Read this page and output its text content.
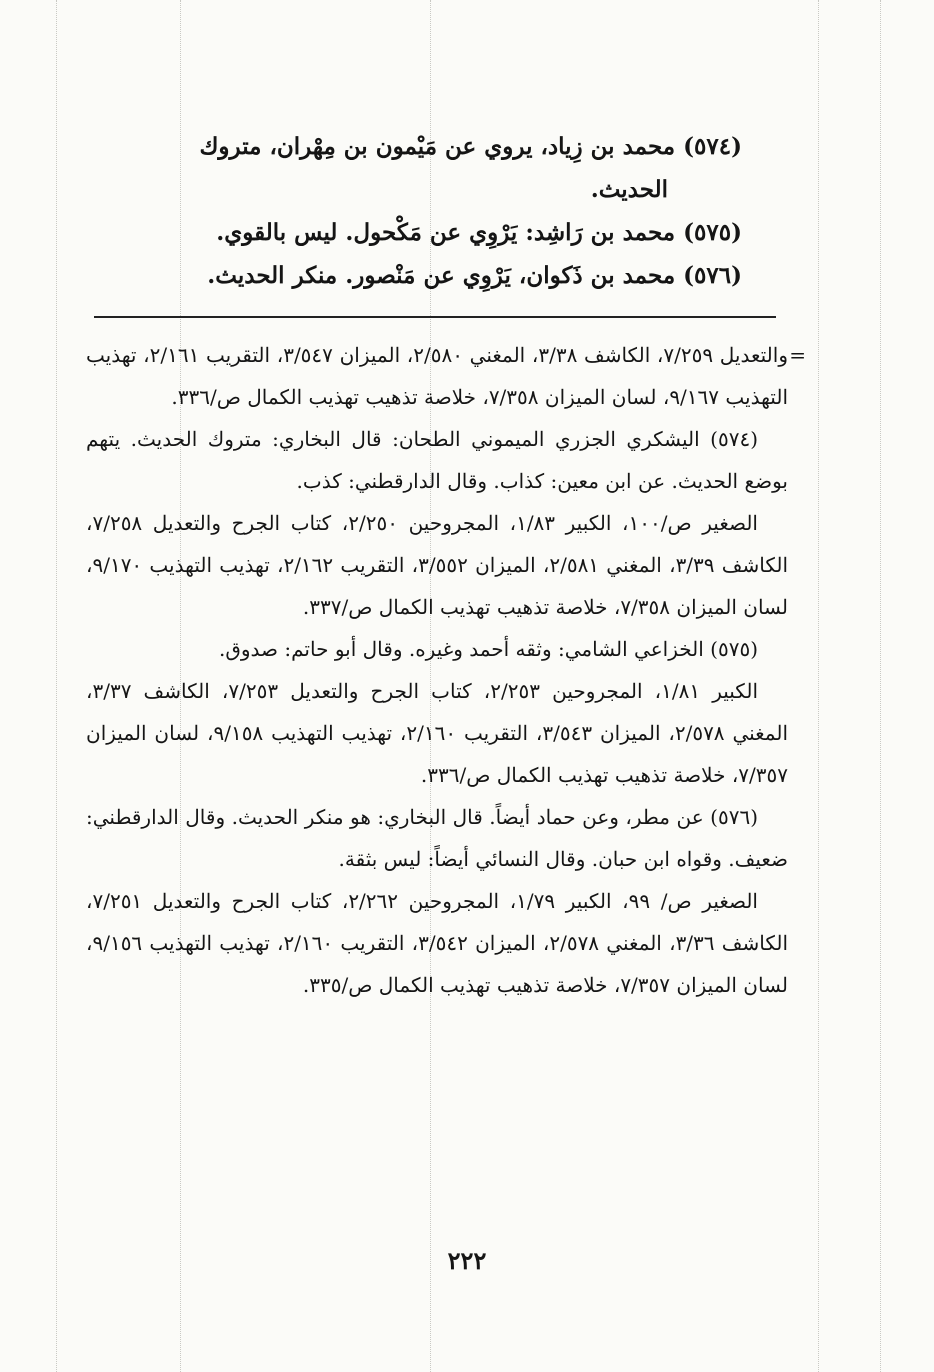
(٥٧٤) محمد بن زِياد، يروي عن مَيْمون بن مِهْران، متروك
الحديث.

(٥٧٥) محمد بن رَاشِد: يَرْوِي عن مَكْحول. ليس بالقوي.

(٥٧٦) محمد بن ذَكوان، يَرْوِي عن مَنْصور. منكر الحديث.

=

والتعديل ٧/٢٥٩، الكاشف ٣/٣٨، المغني ٢/٥٨٠، الميزان ٣/٥٤٧، التقريب ٢/١٦١، تهذيب التهذيب ٩/١٦٧، لسان الميزان ٧/٣٥٨، خلاصة تذهيب تهذيب الكمال ص/٣٣٦.

(٥٧٤) اليشكري الجزري الميموني الطحان: قال البخاري: متروك الحديث. يتهم بوضع الحديث. عن ابن معين: كذاب. وقال الدارقطني: كذب.
الصغير ص/١٠٠، الكبير ١/٨٣، المجروحين ٢/٢٥٠، كتاب الجرح والتعديل ٧/٢٥٨، الكاشف ٣/٣٩، المغني ٢/٥٨١، الميزان ٣/٥٥٢، التقريب ٢/١٦٢، تهذيب التهذيب ٩/١٧٠، لسان الميزان ٧/٣٥٨، خلاصة تذهيب تهذيب الكمال ص/٣٣٧.

(٥٧٥) الخزاعي الشامي: وثقه أحمد وغيره. وقال أبو حاتم: صدوق.
الكبير ١/٨١، المجروحين ٢/٢٥٣، كتاب الجرح والتعديل ٧/٢٥٣، الكاشف ٣/٣٧، المغني ٢/٥٧٨، الميزان ٣/٥٤٣، التقريب ٢/١٦٠، تهذيب التهذيب ٩/١٥٨، لسان الميزان ٧/٣٥٧، خلاصة تذهيب تهذيب الكمال ص/٣٣٦.

(٥٧٦) عن مطر، وعن حماد أيضاً. قال البخاري: هو منكر الحديث. وقال الدارقطني: ضعيف. وقواه ابن حبان. وقال النسائي أيضاً: ليس بثقة.
الصغير ص/ ٩٩، الكبير ١/٧٩، المجروحين ٢/٢٦٢، كتاب الجرح والتعديل ٧/٢٥١، الكاشف ٣/٣٦، المغني ٢/٥٧٨، الميزان ٣/٥٤٢، التقريب ٢/١٦٠، تهذيب التهذيب ٩/١٥٦، لسان الميزان ٧/٣٥٧، خلاصة تذهيب تهذيب الكمال ص/٣٣٥.

٢٢٢
